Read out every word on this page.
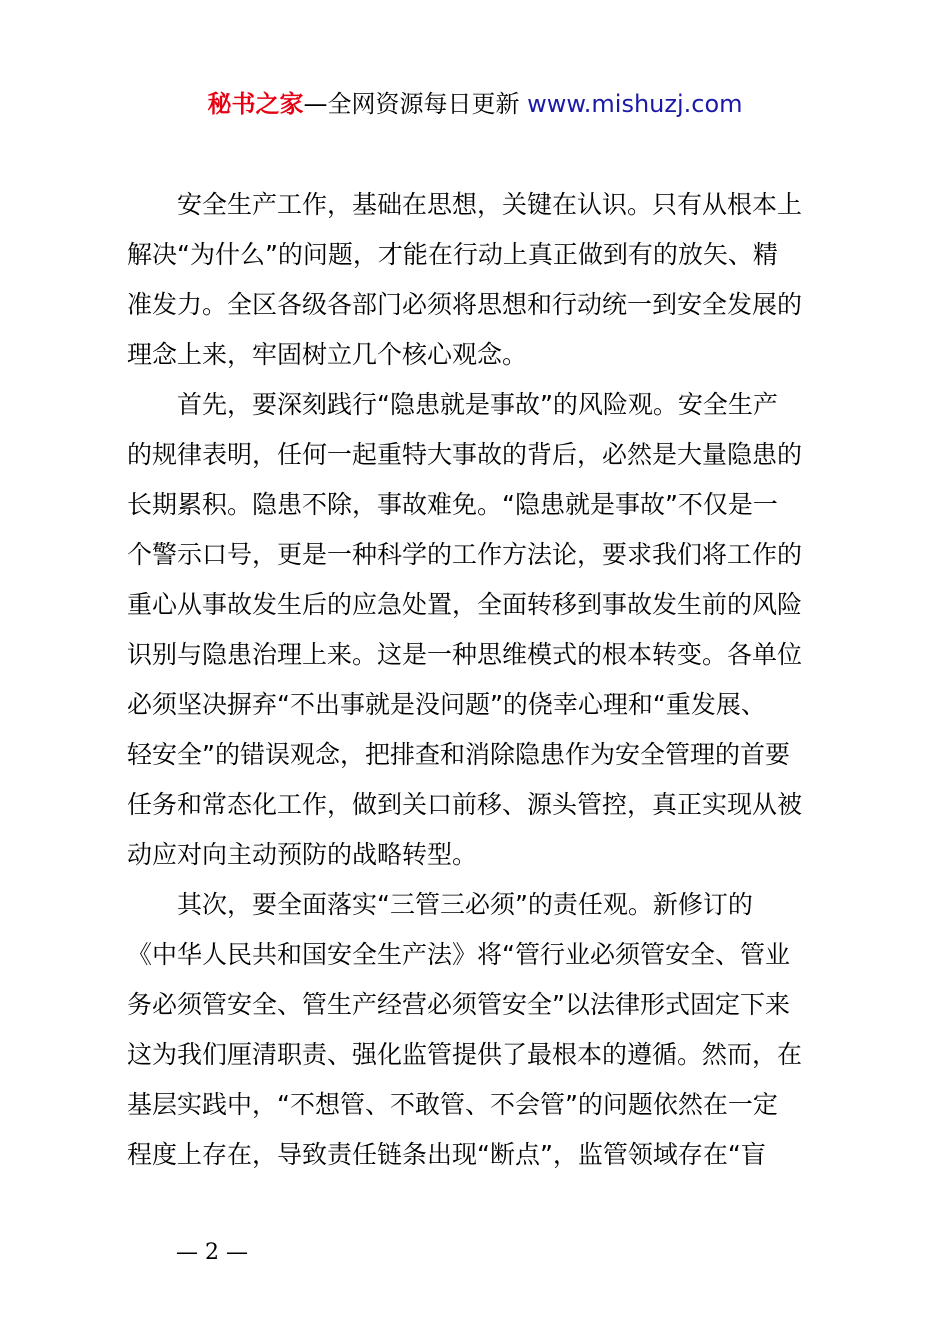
秘书之家—全网资源每日更新 www.mishuzj.com
安全生产工作，基础在思想，关键在认识。只有从根本上
解决“为什么”的问题，才能在行动上真正做到有的放矢、精
准发力。全区各级各部门必须将思想和行动统一到安全发展的
理念上来，牢固树立几个核心观念。
首先，要深刻践行“隐患就是事故”的风险观。安全生产
的规律表明，任何一起重特大事故的背后，必然是大量隐患的
长期累积。隐患不除，事故难免。“隐患就是事故”不仅是一
个警示口号，更是一种科学的工作方法论，要求我们将工作的
重心从事故发生后的应急处置，全面转移到事故发生前的风险
识别与隐患治理上来。这是一种思维模式的根本转变。各单位
必须坚决摒弃“不出事就是没问题”的侥幸心理和“重发展、
轻安全”的错误观念，把排查和消除隐患作为安全管理的首要
任务和常态化工作，做到关口前移、源头管控，真正实现从被
动应对向主动预防的战略转型。
其次，要全面落实“三管三必须”的责任观。新修订的
《中华人民共和国安全生产法》将“管行业必须管安全、管业
务必须管安全、管生产经营必须管安全”以法律形式固定下来
这为我们厘清职责、强化监管提供了最根本的遵循。然而，在
基层实践中，“不想管、不敢管、不会管”的问题依然在一定
程度上存在，导致责任链条出现“断点”，监管领域存在“盲
— 2 —
